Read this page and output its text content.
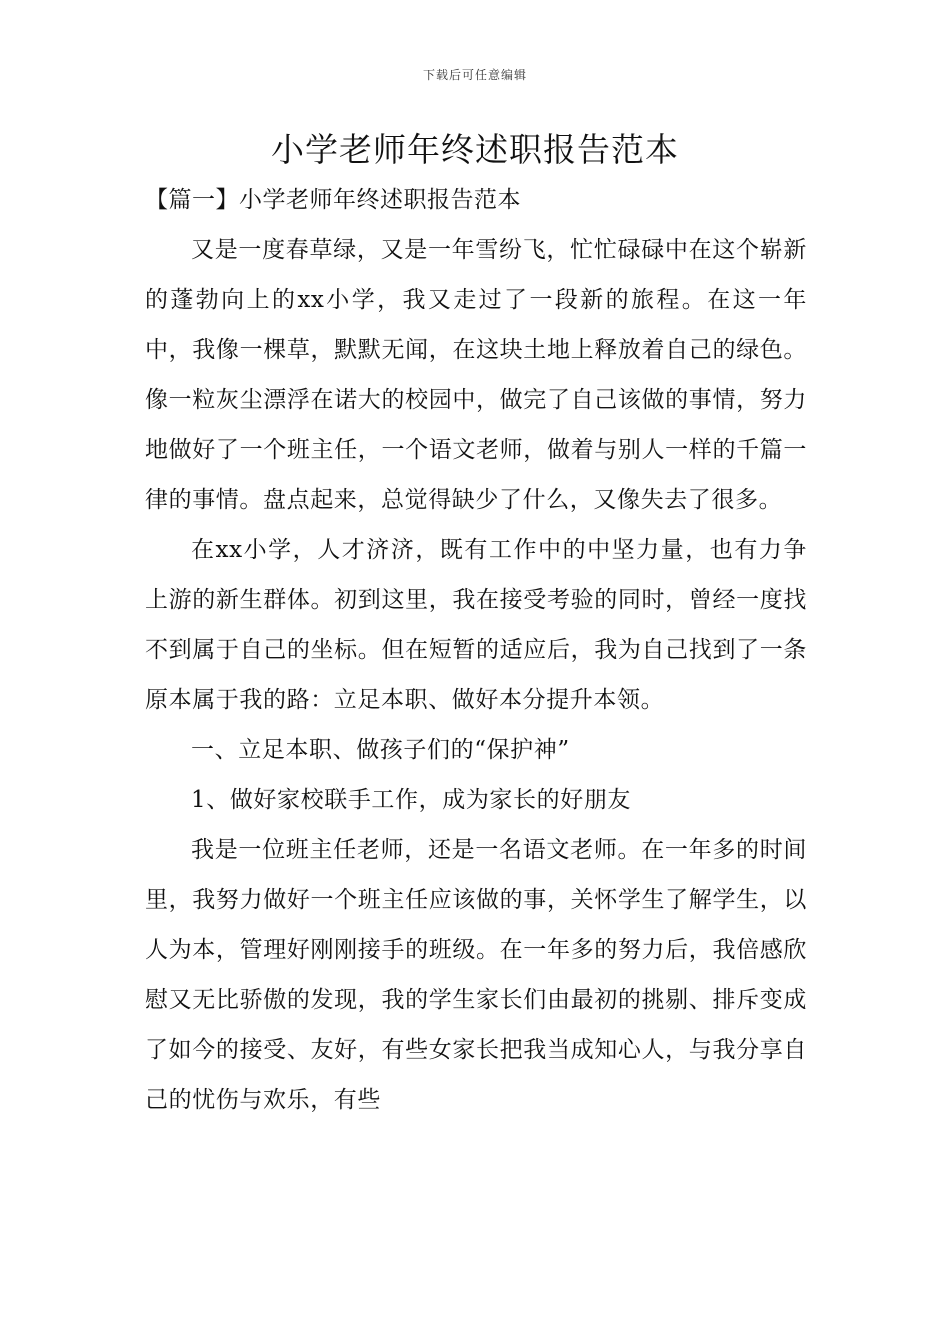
下载后可任意编辑
小学老师年终述职报告范本

【篇一】小学老师年终述职报告范本

又是一度春草绿，又是一年雪纷飞，忙忙碌碌中在这个崭新的蓬勃向上的xx小学，我又走过了一段新的旅程。在这一年中，我像一棵草，默默无闻，在这块土地上释放着自己的绿色。像一粒灰尘漂浮在诺大的校园中，做完了自己该做的事情，努力地做好了一个班主任，一个语文老师，做着与别人一样的千篇一律的事情。盘点起来，总觉得缺少了什么，又像失去了很多。

在xx小学，人才济济，既有工作中的中坚力量，也有力争上游的新生群体。初到这里，我在接受考验的同时，曾经一度找不到属于自己的坐标。但在短暂的适应后，我为自己找到了一条原本属于我的路：立足本职、做好本分提升本领。

一、立足本职、做孩子们的“保护神”

1、做好家校联手工作，成为家长的好朋友

我是一位班主任老师，还是一名语文老师。在一年多的时间里，我努力做好一个班主任应该做的事，关怀学生了解学生，以人为本，管理好刚刚接手的班级。在一年多的努力后，我倍感欣慰又无比骄傲的发现，我的学生家长们由最初的挑剔、排斥变成了如今的接受、友好，有些女家长把我当成知心人，与我分享自己的忧伤与欢乐，有些
